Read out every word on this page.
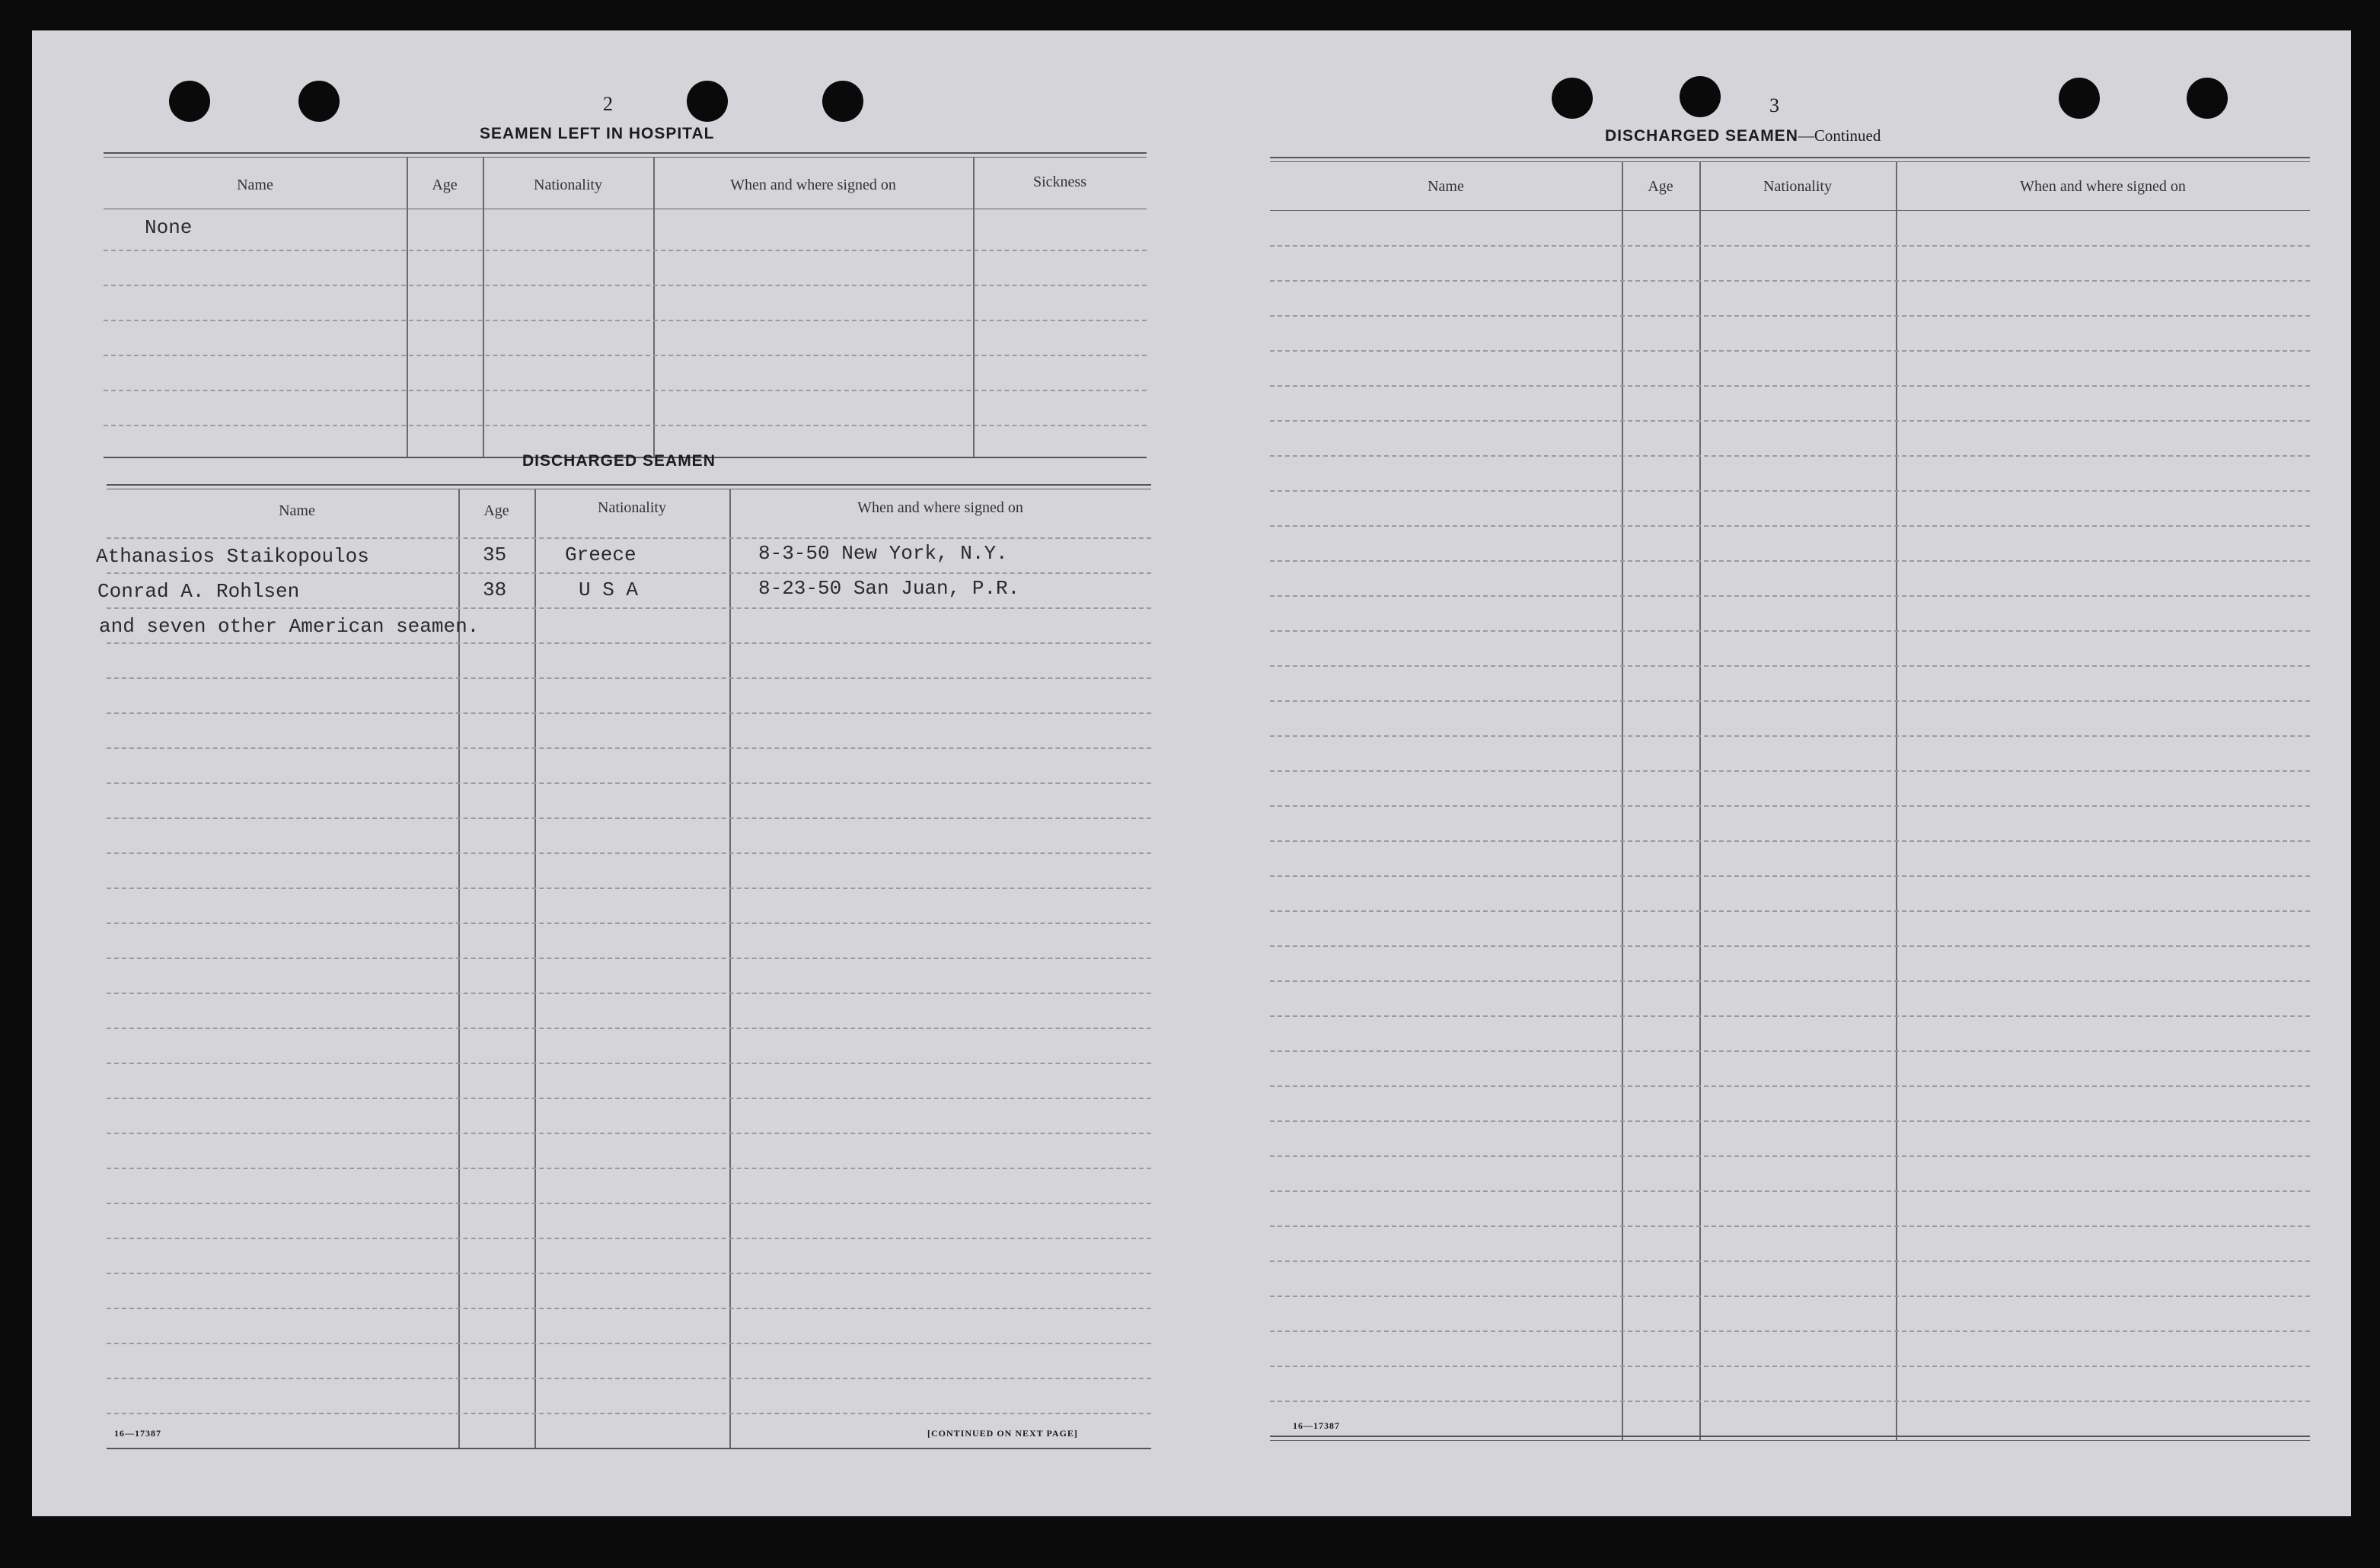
2
SEAMEN LEFT IN HOSPITAL
Name	Age	Nationality	When and where signed on	Sickness
None
DISCHARGED SEAMEN
Name	Age	Nationality	When and where signed on
Athanasios Staikopoulos	35	Greece	8-3-50 New York, N.Y.
Conrad A. Rohlsen	38	U S A	8-23-50 San Juan, P.R.
and seven other American seamen.
16—17387	[CONTINUED ON NEXT PAGE]
3
DISCHARGED SEAMEN—Continued
Name	Age	Nationality	When and where signed on
16—17387
